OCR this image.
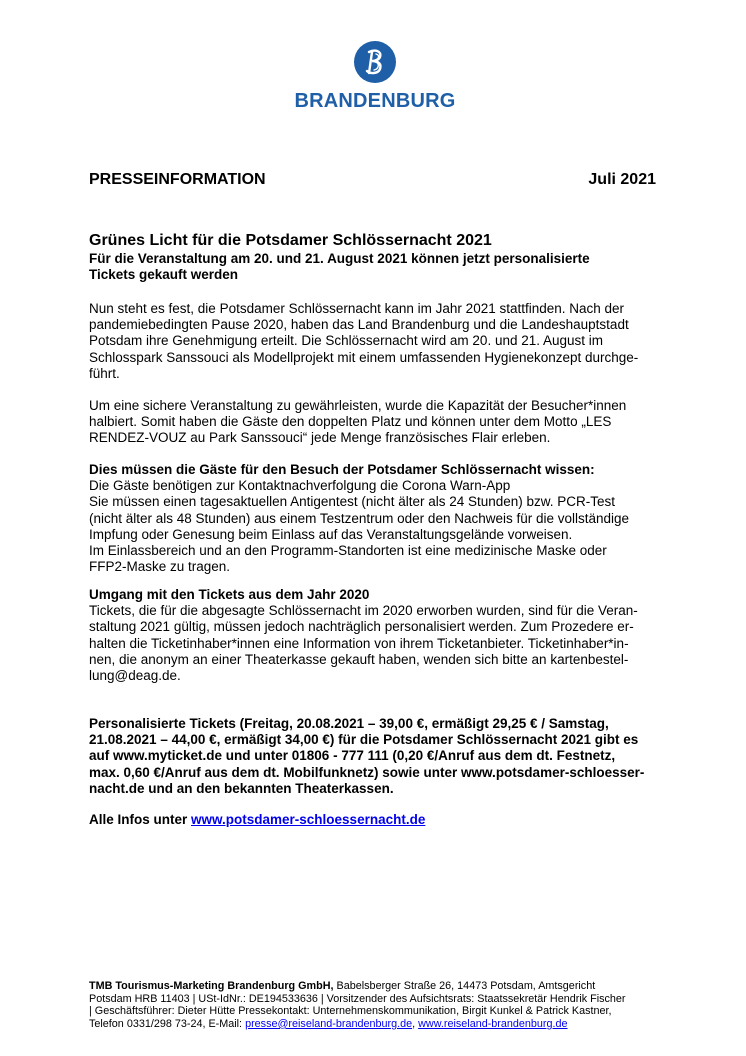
BRANDENBURG
PRESSEINFORMATION	Juli 2021
Grünes Licht für die Potsdamer Schlössernacht 2021
Für die Veranstaltung am 20. und 21. August 2021 können jetzt personalisierte
Tickets gekauft werden
Nun steht es fest, die Potsdamer Schlössernacht kann im Jahr 2021 stattfinden. Nach der
pandemiebedingten Pause 2020, haben das Land Brandenburg und die Landeshauptstadt
Potsdam ihre Genehmigung erteilt. Die Schlössernacht wird am 20. und 21. August im
Schlosspark Sanssouci als Modellprojekt mit einem umfassenden Hygienekonzept durchge-
führt.
Um eine sichere Veranstaltung zu gewährleisten, wurde die Kapazität der Besucher*innen
halbiert. Somit haben die Gäste den doppelten Platz und können unter dem Motto „LES
RENDEZ-VOUZ au Park Sanssouci“ jede Menge französisches Flair erleben.
Dies müssen die Gäste für den Besuch der Potsdamer Schlössernacht wissen:
Die Gäste benötigen zur Kontaktnachverfolgung die Corona Warn-App
Sie müssen einen tagesaktuellen Antigentest (nicht älter als 24 Stunden) bzw. PCR-Test
(nicht älter als 48 Stunden) aus einem Testzentrum oder den Nachweis für die vollständige
Impfung oder Genesung beim Einlass auf das Veranstaltungsgelände vorweisen.
Im Einlassbereich und an den Programm-Standorten ist eine medizinische Maske oder
FFP2-Maske zu tragen.
Umgang mit den Tickets aus dem Jahr 2020
Tickets, die für die abgesagte Schlössernacht im 2020 erworben wurden, sind für die Veran-
staltung 2021 gültig, müssen jedoch nachträglich personalisiert werden. Zum Prozedere er-
halten die Ticketinhaber*innen eine Information von ihrem Ticketanbieter. Ticketinhaber*in-
nen, die anonym an einer Theaterkasse gekauft haben, wenden sich bitte an kartenbestel-
lung@deag.de.
Personalisierte Tickets (Freitag, 20.08.2021 – 39,00 €, ermäßigt 29,25 € / Samstag,
21.08.2021 – 44,00 €, ermäßigt 34,00 €) für die Potsdamer Schlössernacht 2021 gibt es
auf www.myticket.de und unter 01806 - 777 111 (0,20 €/Anruf aus dem dt. Festnetz,
max. 0,60 €/Anruf aus dem dt. Mobilfunknetz) sowie unter www.potsdamer-schloesser-
nacht.de und an den bekannten Theaterkassen.
Alle Infos unter www.potsdamer-schloessernacht.de
TMB Tourismus-Marketing Brandenburg GmbH, Babelsberger Straße 26, 14473 Potsdam, Amtsgericht
Potsdam HRB 11403 | USt-IdNr.: DE194533636 | Vorsitzender des Aufsichtsrats: Staatssekretär Hendrik Fischer
| Geschäftsführer: Dieter Hütte Pressekontakt: Unternehmenskommunikation, Birgit Kunkel & Patrick Kastner,
Telefon 0331/298 73-24, E-Mail: presse@reiseland-brandenburg.de, www.reiseland-brandenburg.de
